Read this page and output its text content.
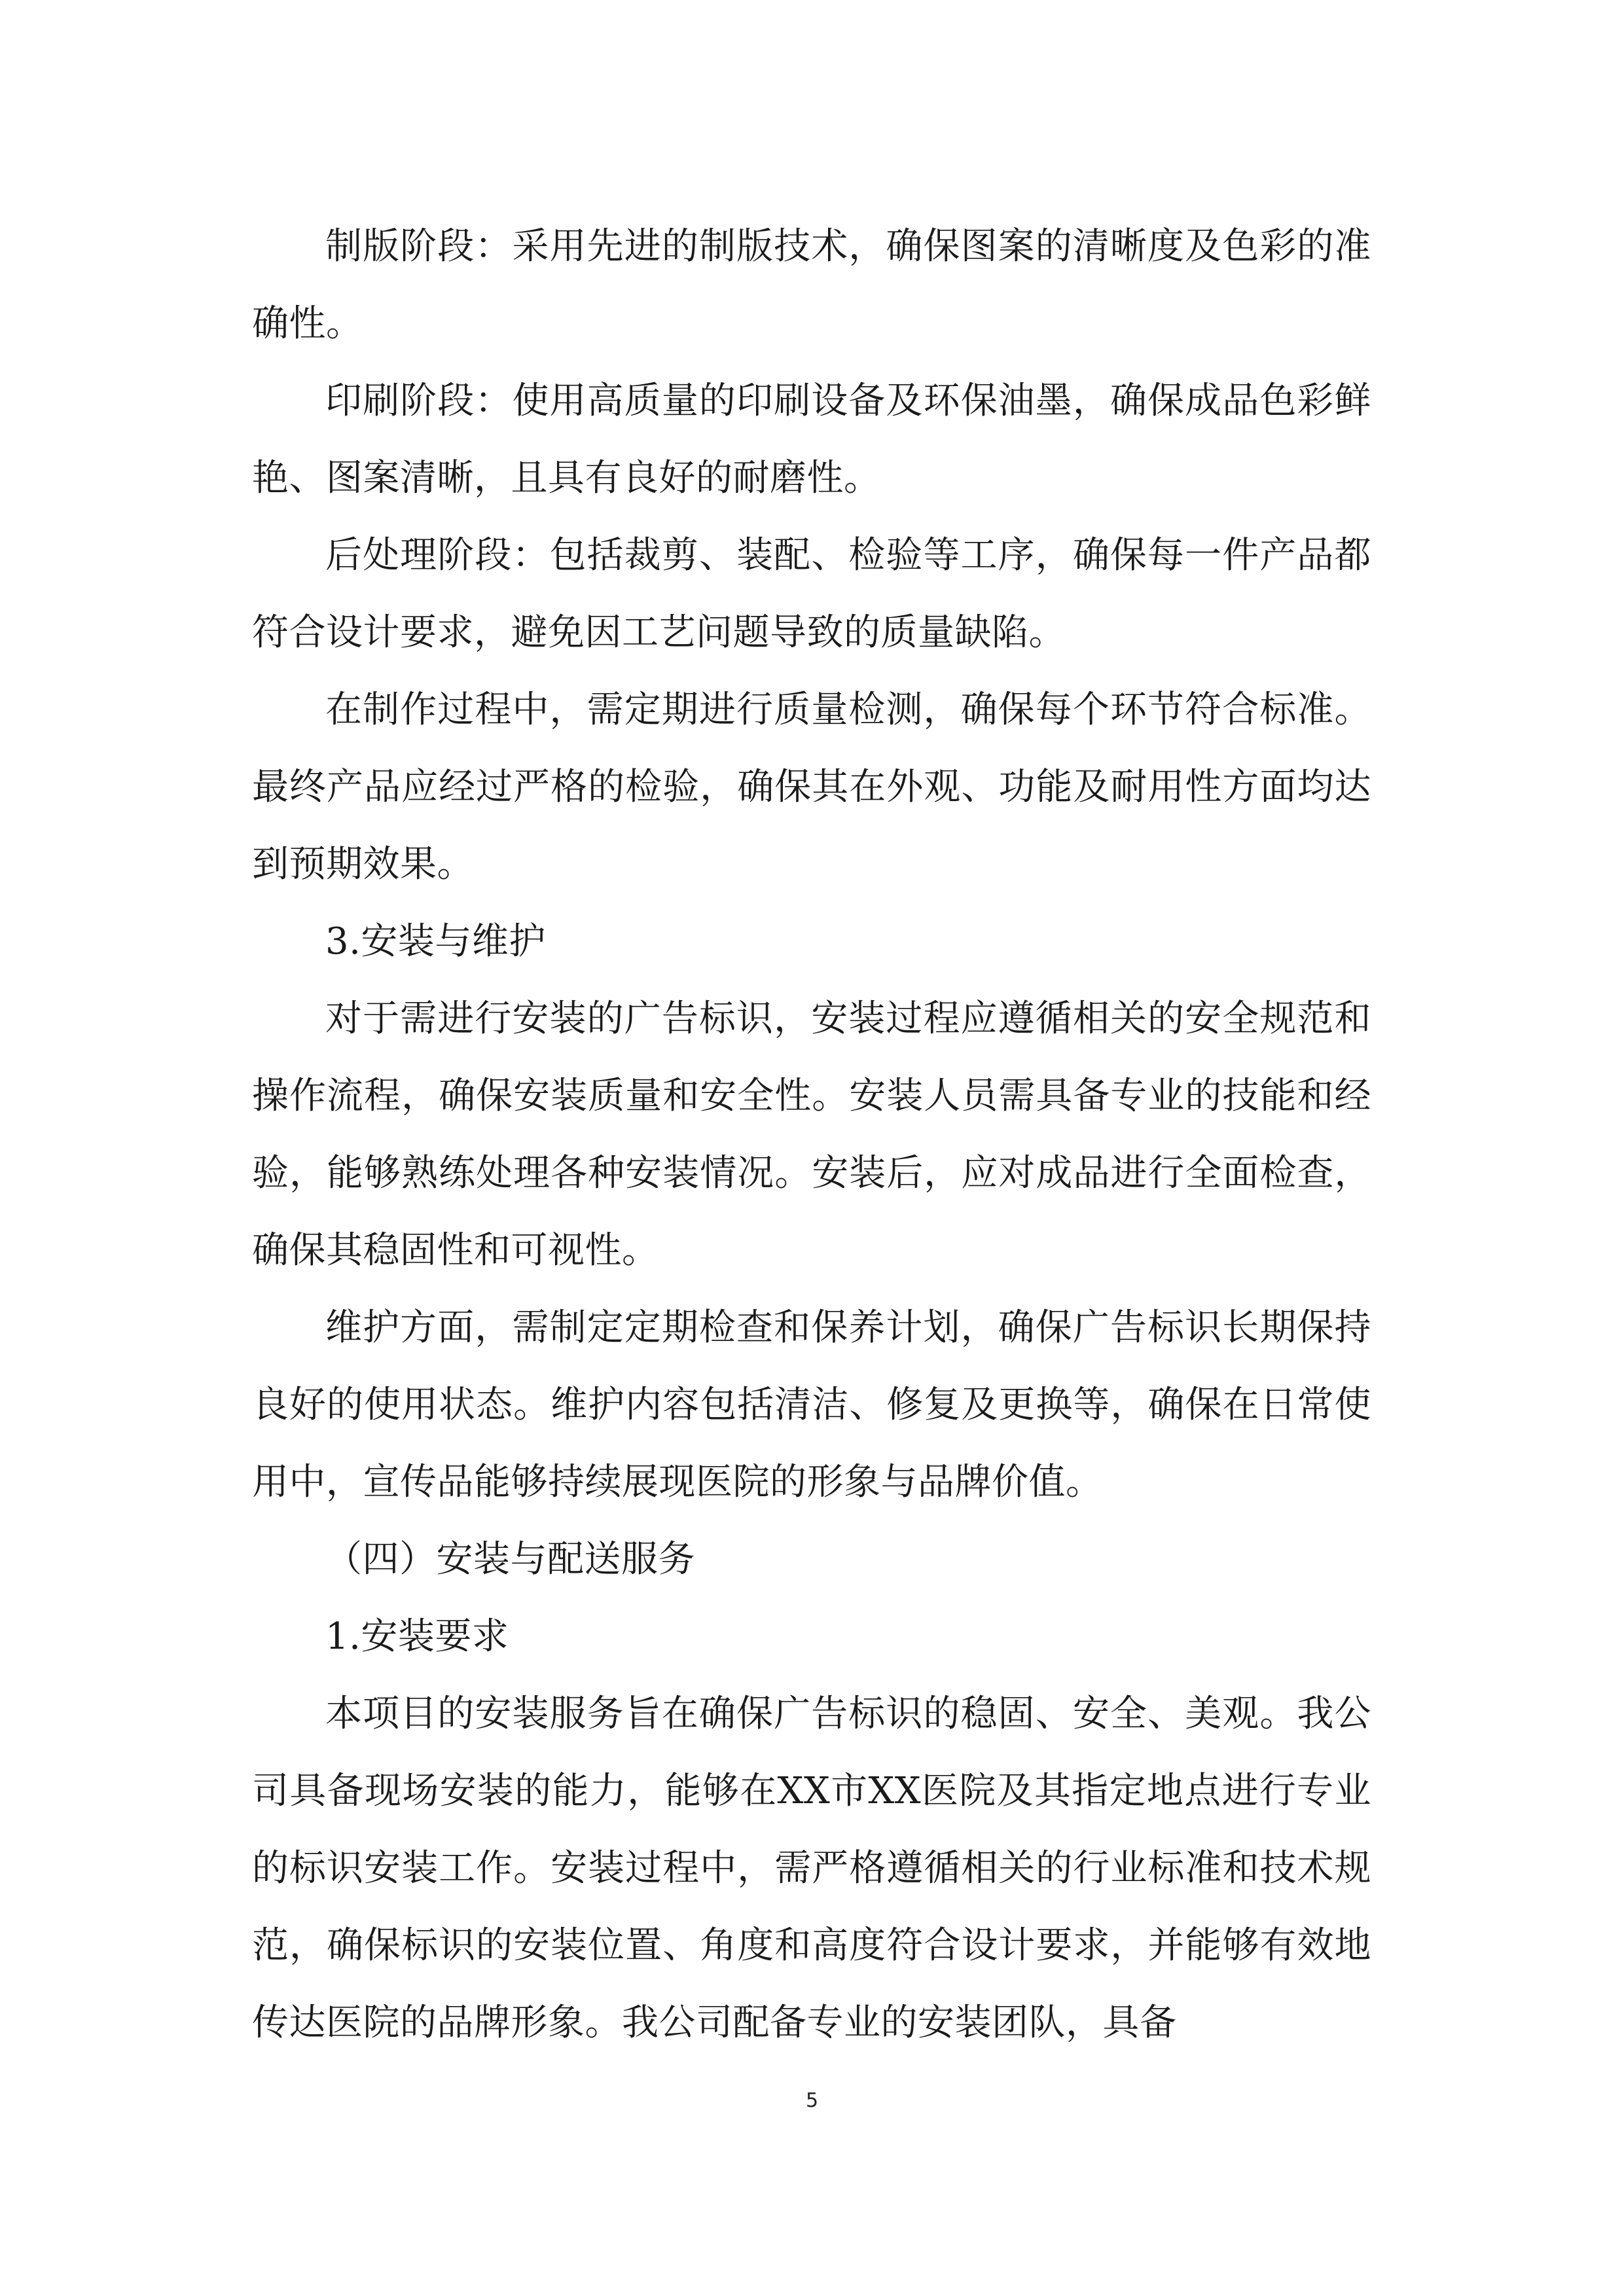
制版阶段：采用先进的制版技术，确保图案的清晰度及色彩的准确性。

印刷阶段：使用高质量的印刷设备及环保油墨，确保成品色彩鲜艳、图案清晰，且具有良好的耐磨性。

后处理阶段：包括裁剪、装配、检验等工序，确保每一件产品都符合设计要求，避免因工艺问题导致的质量缺陷。

在制作过程中，需定期进行质量检测，确保每个环节符合标准。最终产品应经过严格的检验，确保其在外观、功能及耐用性方面均达到预期效果。

3.安装与维护

对于需进行安装的广告标识，安装过程应遵循相关的安全规范和操作流程，确保安装质量和安全性。安装人员需具备专业的技能和经验，能够熟练处理各种安装情况。安装后，应对成品进行全面检查，确保其稳固性和可视性。

维护方面，需制定定期检查和保养计划，确保广告标识长期保持良好的使用状态。维护内容包括清洁、修复及更换等，确保在日常使用中，宣传品能够持续展现医院的形象与品牌价值。

（四）安装与配送服务

1.安装要求

本项目的安装服务旨在确保广告标识的稳固、安全、美观。我公司具备现场安装的能力，能够在XX市XX医院及其指定地点进行专业的标识安装工作。安装过程中，需严格遵循相关的行业标准和技术规范，确保标识的安装位置、角度和高度符合设计要求，并能够有效地传达医院的品牌形象。我公司配备专业的安装团队，具备

5
